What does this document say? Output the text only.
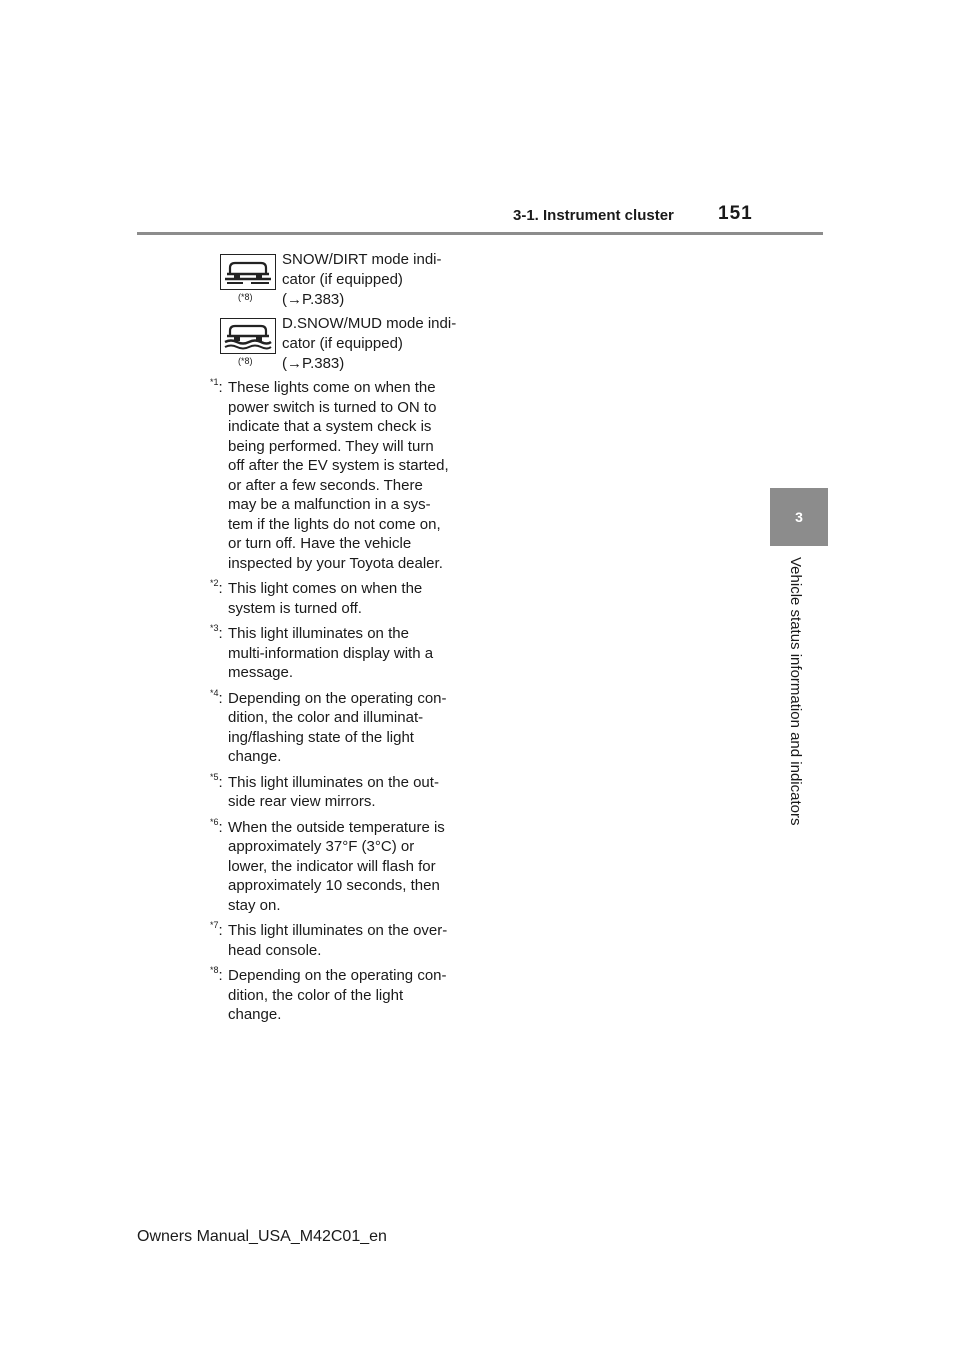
3-1. Instrument cluster 151
3
Vehicle status information and indicators
(*8)
SNOW/DIRT mode indi-
cator (if equipped)
(→P.383)
(*8)
D.SNOW/MUD mode indi-
cator (if equipped)
(→P.383)
$^{*1}$: These lights come on when the
power switch is turned to ON to
indicate that a system check is
being performed. They will turn
off after the EV system is started,
or after a few seconds. There
may be a malfunction in a sys-
tem if the lights do not come on,
or turn off. Have the vehicle
inspected by your Toyota dealer.
$^{*2}$: This light comes on when the
system is turned off.
$^{*3}$: This light illuminates on the
multi-information display with a
message.
$^{*4}$: Depending on the operating con-
dition, the color and illuminat-
ing/flashing state of the light
change.
$^{*5}$: This light illuminates on the out-
side rear view mirrors.
$^{*6}$: When the outside temperature is
approximately 37°F (3°C) or
lower, the indicator will flash for
approximately 10 seconds, then
stay on.
$^{*7}$: This light illuminates on the over-
head console.
$^{*8}$: Depending on the operating con-
dition, the color of the light
change.
Owners Manual_USA_M42C01_en
